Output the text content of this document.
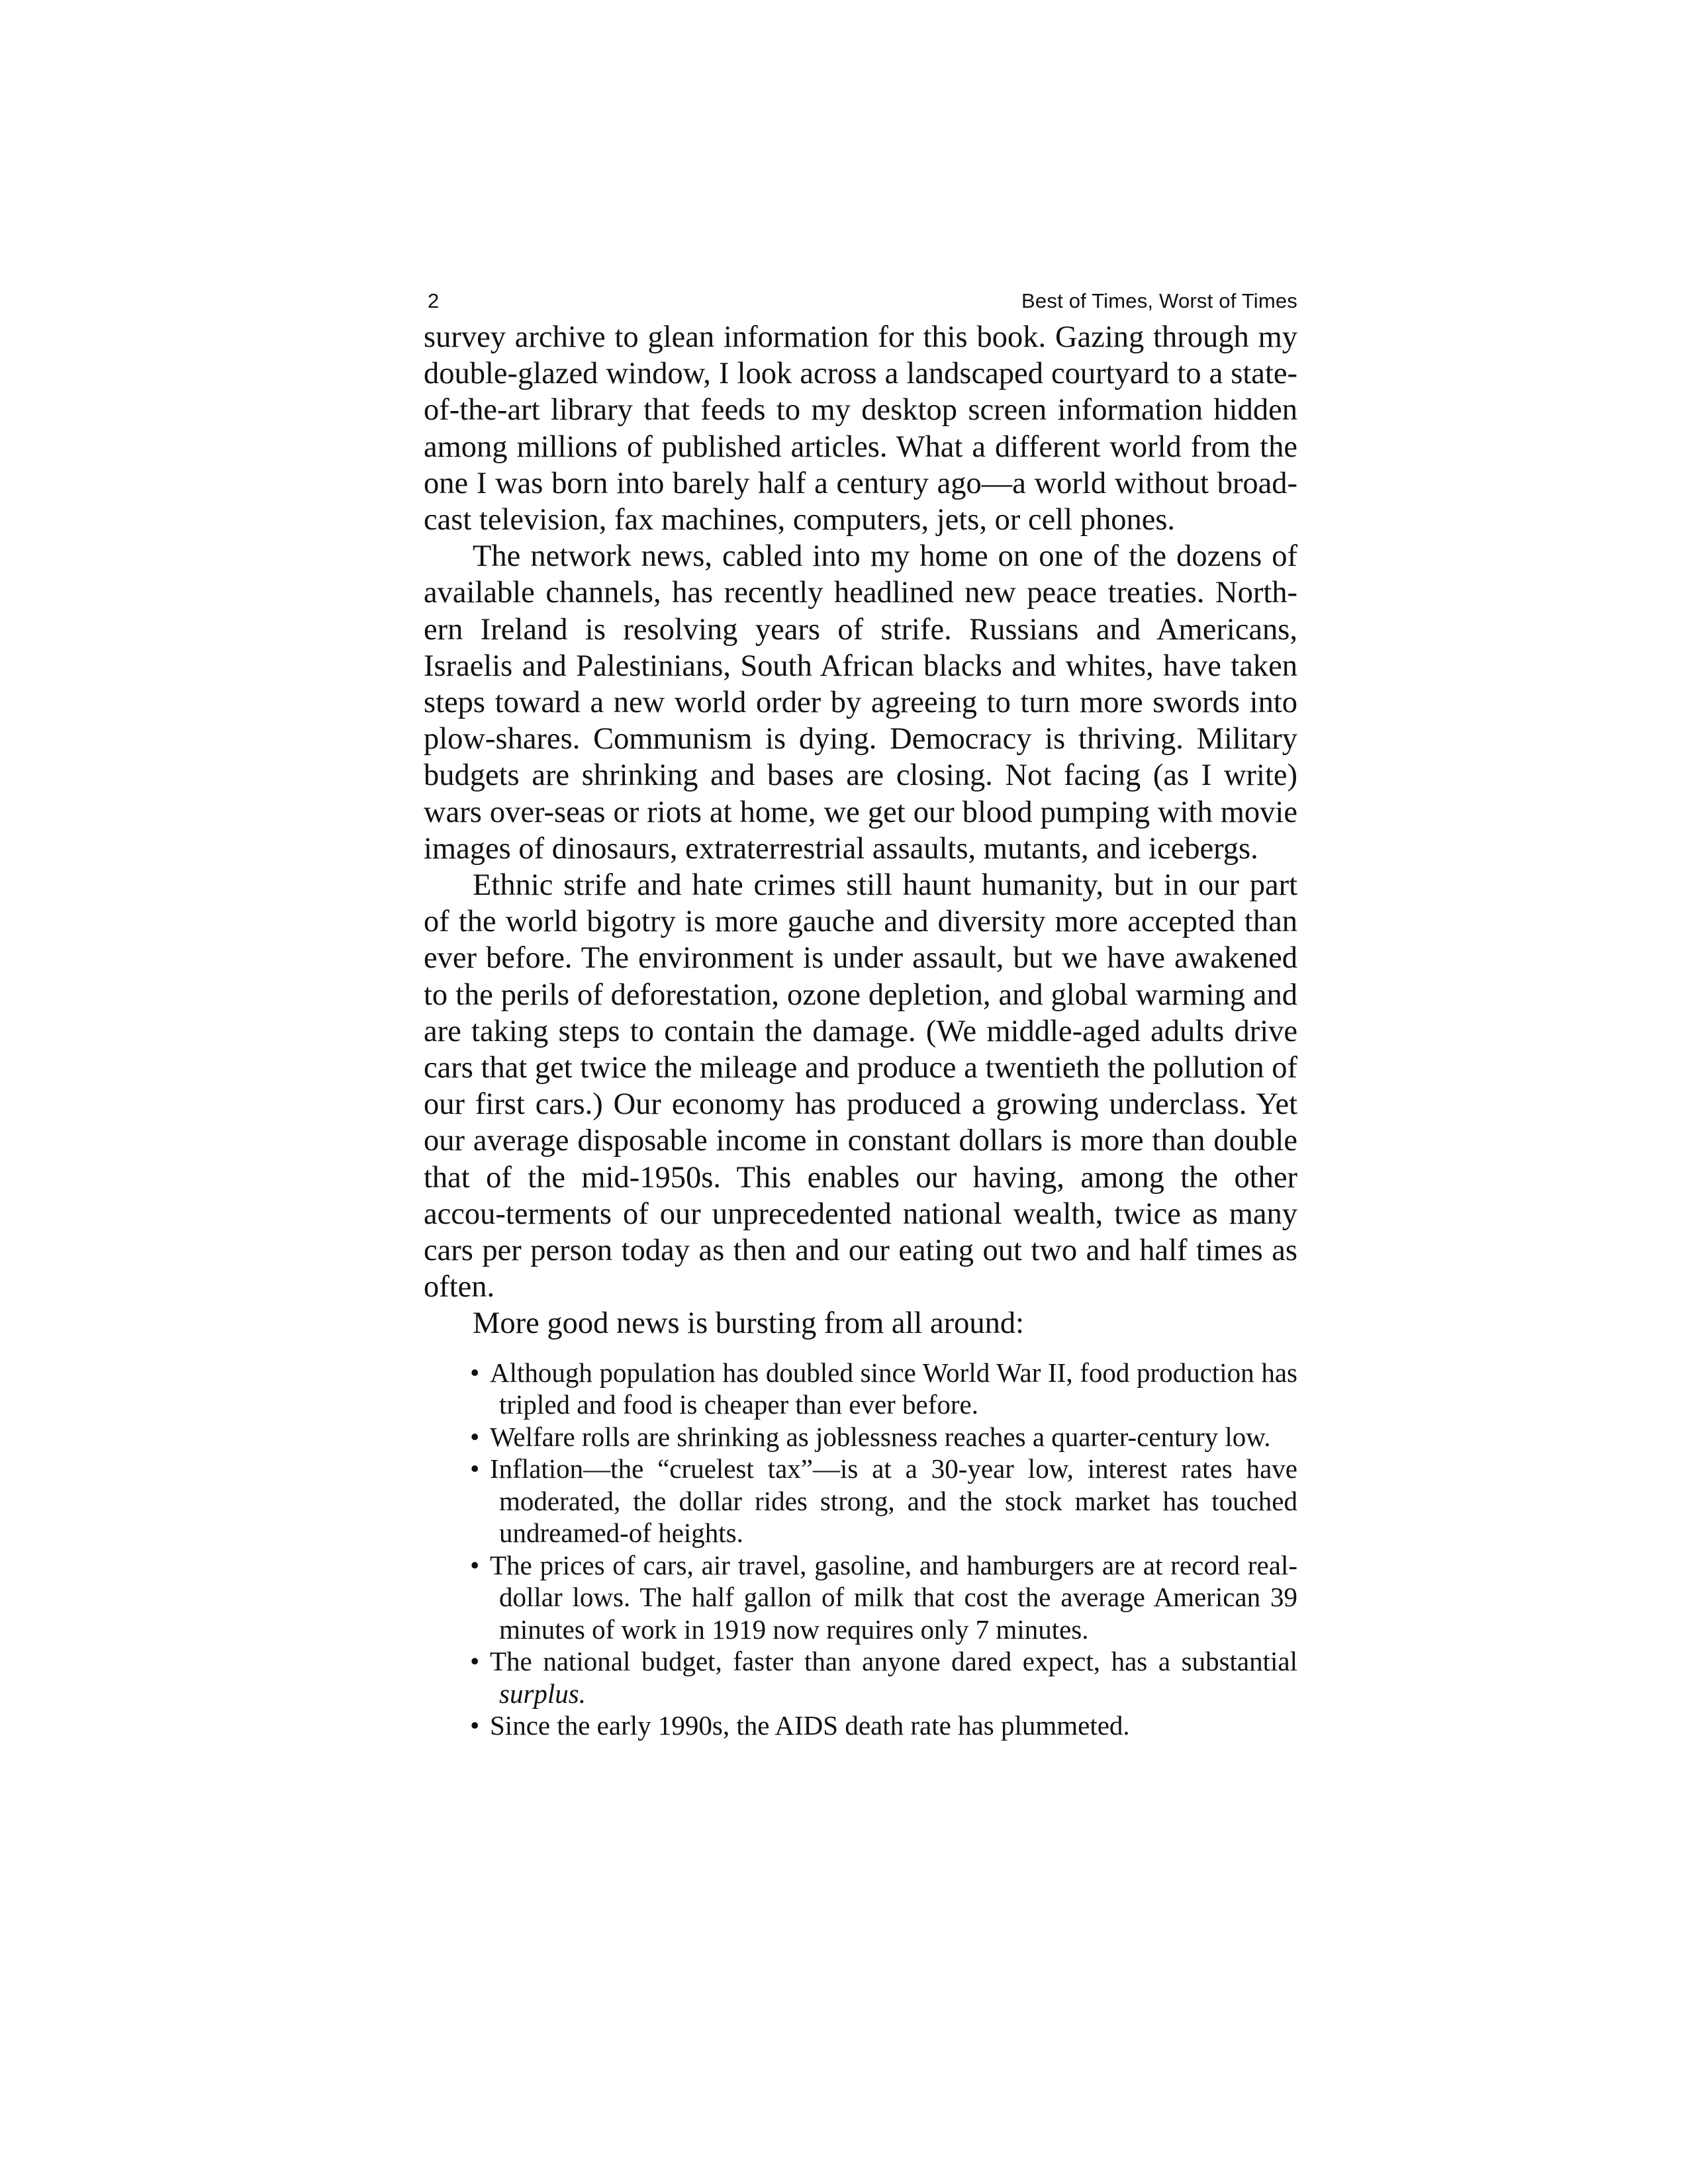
2	Best of Times, Worst of Times

survey archive to glean information for this book. Gazing through my double-glazed window, I look across a landscaped courtyard to a state-of-the-art library that feeds to my desktop screen information hidden among millions of published articles. What a different world from the one I was born into barely half a century ago—a world without broad-cast television, fax machines, computers, jets, or cell phones.

The network news, cabled into my home on one of the dozens of available channels, has recently headlined new peace treaties. North-ern Ireland is resolving years of strife. Russians and Americans, Israelis and Palestinians, South African blacks and whites, have taken steps toward a new world order by agreeing to turn more swords into plow-shares. Communism is dying. Democracy is thriving. Military budgets are shrinking and bases are closing. Not facing (as I write) wars over-seas or riots at home, we get our blood pumping with movie images of dinosaurs, extraterrestrial assaults, mutants, and icebergs.

Ethnic strife and hate crimes still haunt humanity, but in our part of the world bigotry is more gauche and diversity more accepted than ever before. The environment is under assault, but we have awakened to the perils of deforestation, ozone depletion, and global warming and are taking steps to contain the damage. (We middle-aged adults drive cars that get twice the mileage and produce a twentieth the pollution of our first cars.) Our economy has produced a growing underclass. Yet our average disposable income in constant dollars is more than double that of the mid-1950s. This enables our having, among the other accou-terments of our unprecedented national wealth, twice as many cars per person today as then and our eating out two and half times as often.

More good news is bursting from all around:

• Although population has doubled since World War II, food production has tripled and food is cheaper than ever before.
• Welfare rolls are shrinking as joblessness reaches a quarter-century low.
• Inflation—the “cruelest tax”—is at a 30-year low, interest rates have moderated, the dollar rides strong, and the stock market has touched undreamed-of heights.
• The prices of cars, air travel, gasoline, and hamburgers are at record real-dollar lows. The half gallon of milk that cost the average American 39 minutes of work in 1919 now requires only 7 minutes.
• The national budget, faster than anyone dared expect, has a substantial surplus.
• Since the early 1990s, the AIDS death rate has plummeted.
